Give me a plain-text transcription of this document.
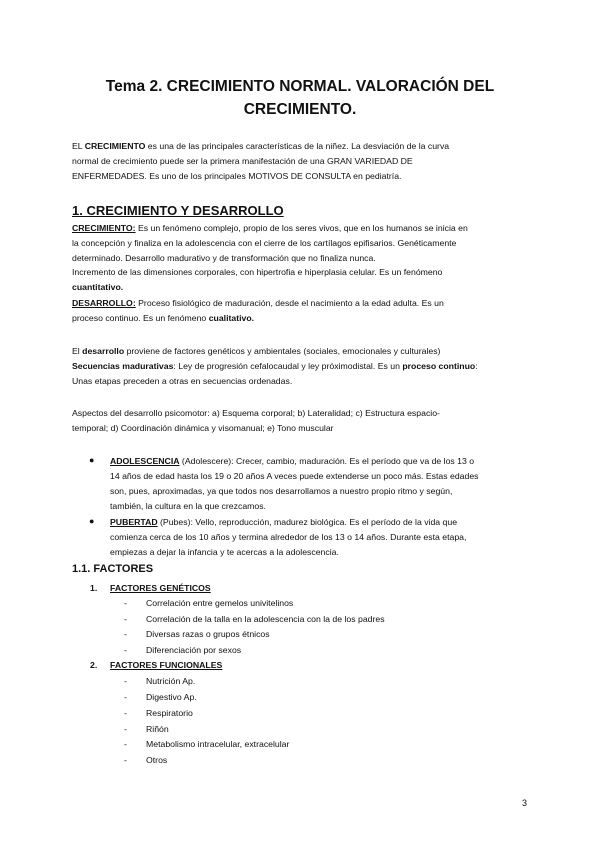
Tema 2. CRECIMIENTO NORMAL. VALORACIÓN DEL
CRECIMIENTO.
EL CRECIMIENTO es una de las principales características de la niñez. La desviación de la curva
normal de crecimiento puede ser la primera manifestación de una GRAN VARIEDAD DE
ENFERMEDADES. Es uno de los principales MOTIVOS DE CONSULTA en pediatría.
1. CRECIMIENTO Y DESARROLLO
CRECIMIENTO: Es un fenómeno complejo, propio de los seres vivos, que en los humanos se inicia en
la concepción y finaliza en la adolescencia con el cierre de los cartílagos epifisarios. Genéticamente
determinado. Desarrollo madurativo y de transformación que no finaliza nunca.
Incremento de las dimensiones corporales, con hipertrofia e hiperplasia celular. Es un fenómeno
cuantitativo.
DESARROLLO: Proceso fisiológico de maduración, desde el nacimiento a la edad adulta. Es un
proceso continuo. Es un fenómeno cualitativo.
El desarrollo proviene de factores genéticos y ambientales (sociales, emocionales y culturales)
Secuencias madurativas: Ley de progresión cefalocaudal y ley próximodistal. Es un proceso continuo:
Unas etapas preceden a otras en secuencias ordenadas.
Aspectos del desarrollo psicomotor: a) Esquema corporal; b) Lateralidad; c) Estructura espacio-
temporal; d) Coordinación dinámica y visomanual; e) Tono muscular
● ADOLESCENCIA (Adolescere): Crecer, cambio, maduración. Es el período que va de los 13 o
14 años de edad hasta los 19 o 20 años A veces puede extenderse un poco más. Estas edades
son, pues, aproximadas, ya que todos nos desarrollamos a nuestro propio ritmo y según,
también, la cultura en la que crezcamos.
● PUBERTAD (Pubes): Vello, reproducción, madurez biológica. Es el período de la vida que
comienza cerca de los 10 años y termina alrededor de los 13 o 14 años. Durante esta etapa,
empiezas a dejar la infancia y te acercas a la adolescencia.
1.1. FACTORES
1. FACTORES GENÉTICOS
- Correlación entre gemelos univitelinos
- Correlación de la talla en la adolescencia con la de los padres
- Diversas razas o grupos étnicos
- Diferenciación por sexos
2. FACTORES FUNCIONALES
- Nutrición Ap.
- Digestivo Ap.
- Respiratorio
- Riñón
- Metabolismo intracelular, extracelular
- Otros
3
